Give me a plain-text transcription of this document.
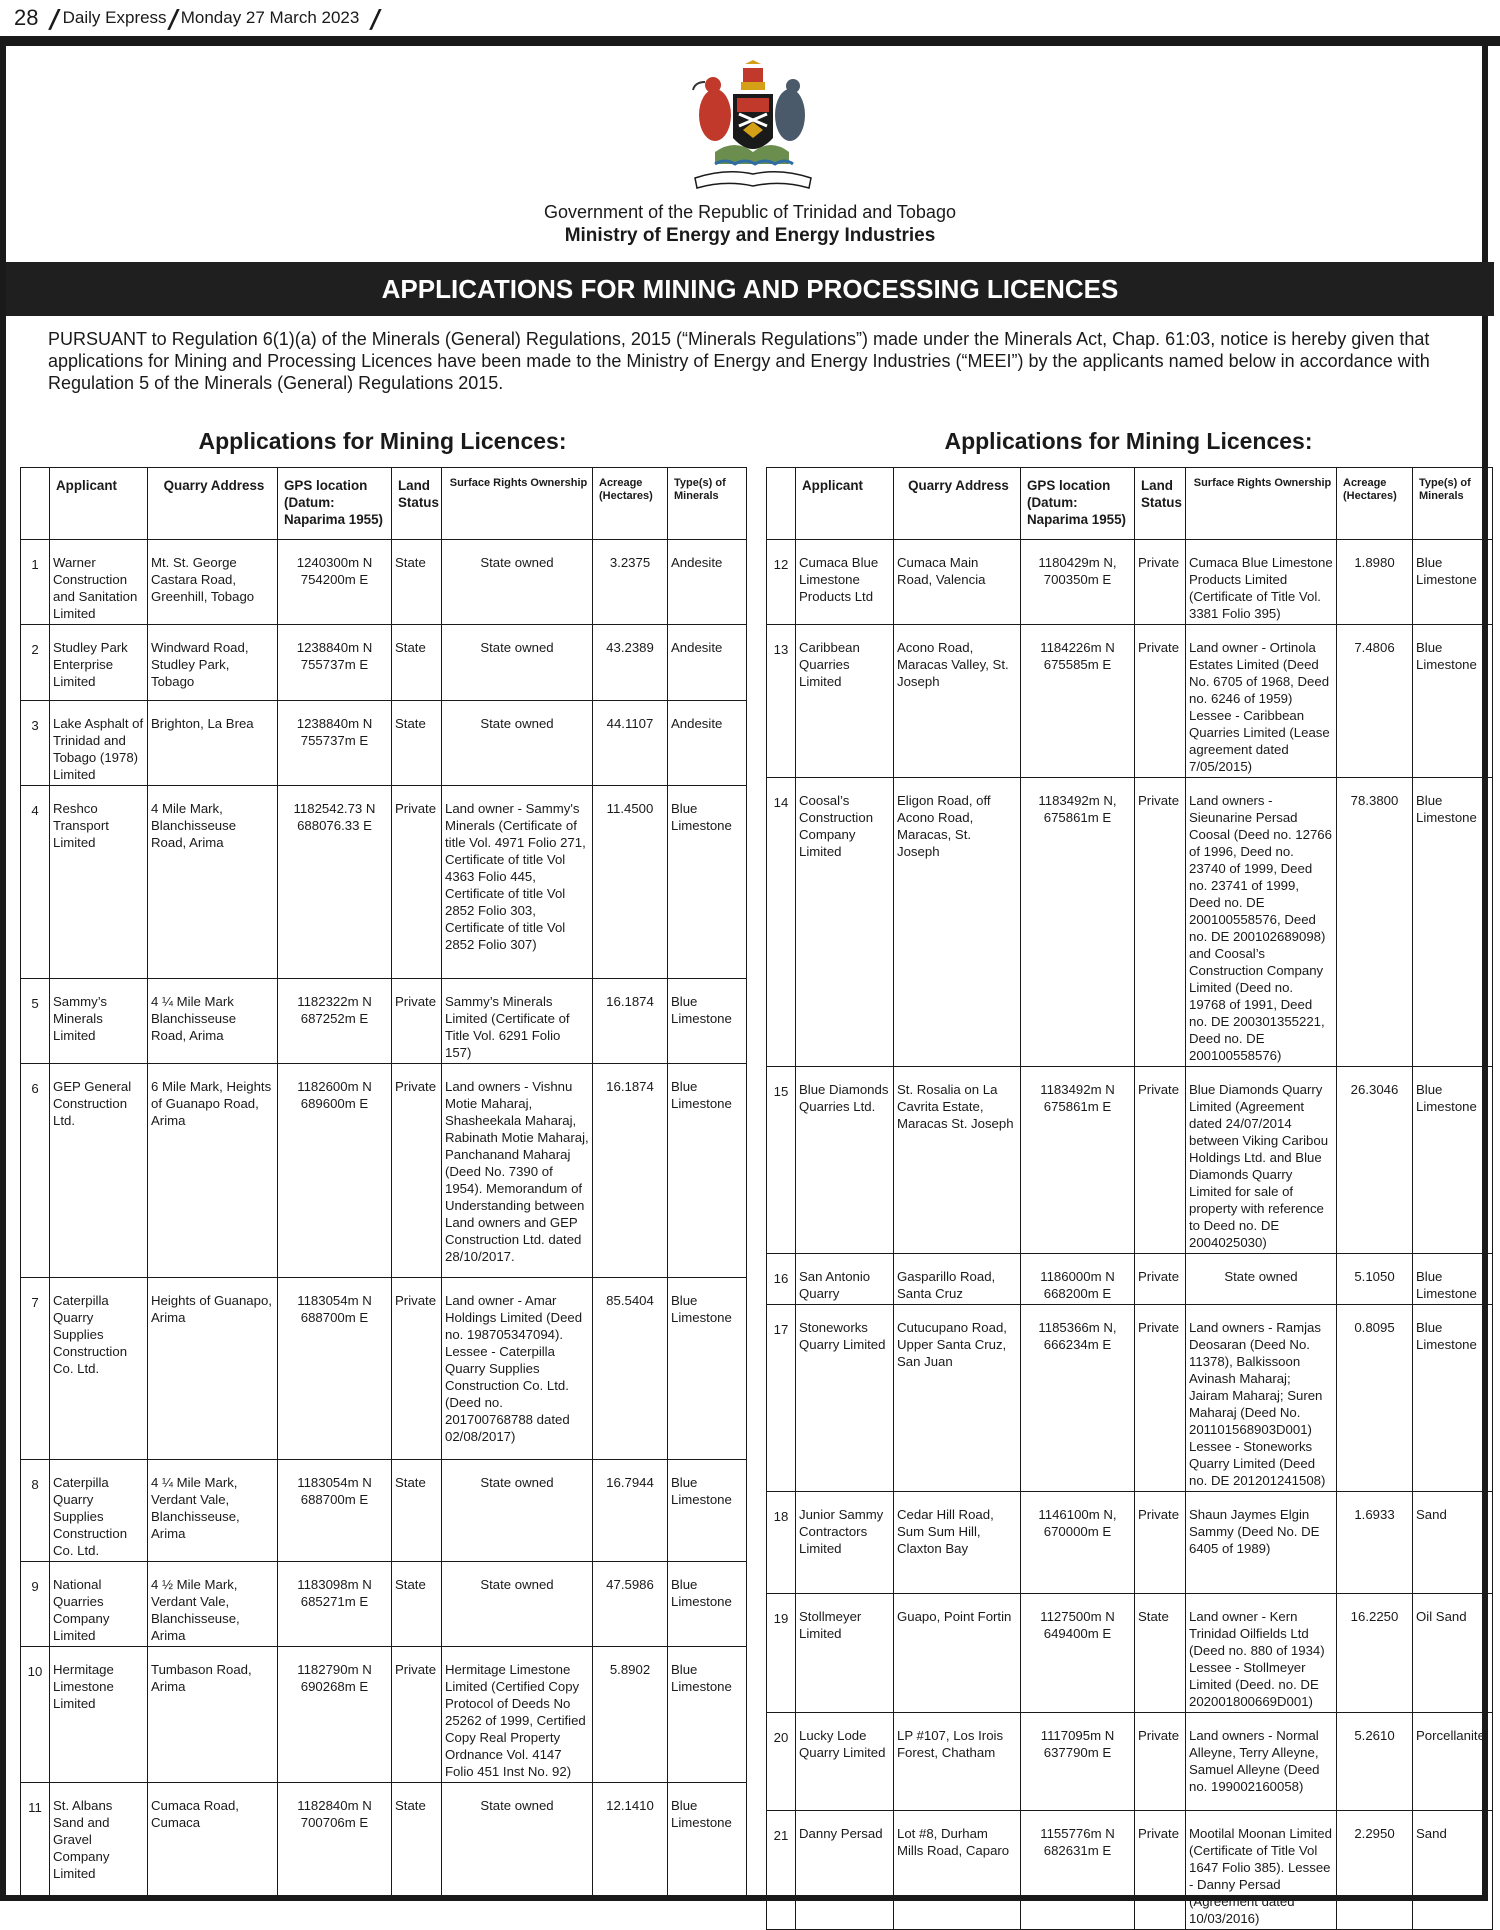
28 |
Daily Express
|
Monday 27 March 2023 |
Government of the Republic of Trinidad and Tobago
Ministry of Energy and Energy Industries
APPLICATIONS FOR MINING AND PROCESSING LICENCES
PURSUANT to Regulation 6(1)(a) of the Minerals (General) Regulations, 2015 (“Minerals Regulations”) made under the Minerals Act, Chap. 61:03, notice is hereby given that applications for Mining and Processing Licences have been made to the Ministry of Energy and Energy Industries (“MEEI”) by the applicants named below in accordance with Regulation 5 of the Minerals (General) Regulations 2015.
Applications for Mining Licences:	Applications for Mining Licences:
	Applicant	Quarry Address	GPS location (Datum: Naparima 1955)	Land Status	Surface Rights Ownership	Acreage (Hectares)	Type(s) of Minerals
1	Warner Construction and Sanitation Limited	Mt. St. George Castara Road, Greenhill, Tobago	1240300m N 754200m E	State	State owned	3.2375	Andesite
2	Studley Park Enterprise Limited	Windward Road, Studley Park, Tobago	1238840m N 755737m E	State	State owned	43.2389	Andesite
3	Lake Asphalt of Trinidad and Tobago (1978) Limited	Brighton, La Brea	1238840m N 755737m E	State	State owned	44.1107	Andesite
4	Reshco Transport Limited	4 Mile Mark, Blanchisseuse Road, Arima	1182542.73 N 688076.33 E	Private	Land owner - Sammy's Minerals (Certificate of title Vol. 4971 Folio 271, Certificate of title Vol 4363 Folio 445, Certificate of title Vol 2852 Folio 303, Certificate of title Vol 2852 Folio 307)	11.4500	Blue Limestone
5	Sammy’s Minerals Limited	4 ¼ Mile Mark Blanchisseuse Road, Arima	1182322m N 687252m E	Private	Sammy’s Minerals Limited (Certificate of Title Vol. 6291 Folio 157)	16.1874	Blue Limestone
6	GEP General Construction Ltd.	6 Mile Mark, Heights of Guanapo Road, Arima	1182600m N 689600m E	Private	Land owners - Vishnu Motie Maharaj, Shasheekala Maharaj, Rabinath Motie Maharaj, Panchanand Maharaj (Deed No. 7390 of 1954). Memorandum of Understanding between Land owners and GEP Construction Ltd. dated 28/10/2017.	16.1874	Blue Limestone
7	Caterpilla Quarry Supplies Construction Co. Ltd.	Heights of Guanapo, Arima	1183054m N 688700m E	Private	Land owner - Amar Holdings Limited (Deed no. 198705347094). Lessee - Caterpilla Quarry Supplies Construction Co. Ltd. (Deed no. 201700768788 dated 02/08/2017)	85.5404	Blue Limestone
8	Caterpilla Quarry Supplies Construction Co. Ltd.	4 ¼ Mile Mark, Verdant Vale, Blanchisseuse, Arima	1183054m N 688700m E	State	State owned	16.7944	Blue Limestone
9	National Quarries Company Limited	4 ½ Mile Mark, Verdant Vale, Blanchisseuse, Arima	1183098m N 685271m E	State	State owned	47.5986	Blue Limestone
10	Hermitage Limestone Limited	Tumbason Road, Arima	1182790m N 690268m E	Private	Hermitage Limestone Limited (Certified Copy Protocol of Deeds No 25262 of 1999, Certified Copy Real Property Ordnance Vol. 4147 Folio 451 Inst No. 92)	5.8902	Blue Limestone
11	St. Albans Sand and Gravel Company Limited	Cumaca Road, Cumaca	1182840m N 700706m E	State	State owned	12.1410	Blue Limestone
	Applicant	Quarry Address	GPS location (Datum: Naparima 1955)	Land Status	Surface Rights Ownership	Acreage (Hectares)	Type(s) of Minerals
12	Cumaca Blue Limestone Products Ltd	Cumaca Main Road, Valencia	1180429m N, 700350m E	Private	Cumaca Blue Limestone Products Limited (Certificate of Title Vol. 3381 Folio 395)	1.8980	Blue Limestone
13	Caribbean Quarries Limited	Acono Road, Maracas Valley, St. Joseph	1184226m N 675585m E	Private	Land owner - Ortinola Estates Limited (Deed No. 6705 of 1968, Deed no. 6246 of 1959) Lessee - Caribbean Quarries Limited (Lease agreement dated 7/05/2015)	7.4806	Blue Limestone
14	Coosal’s Construction Company Limited	Eligon Road, off Acono Road, Maracas, St. Joseph	1183492m N, 675861m E	Private	Land owners - Sieunarine Persad Coosal (Deed no. 12766 of 1996, Deed no. 23740 of 1999, Deed no. 23741 of 1999, Deed no. DE 200100558576, Deed no. DE 200102689098) and Coosal’s Construction Company Limited (Deed no. 19768 of 1991, Deed no. DE 200301355221, Deed no. DE 200100558576)	78.3800	Blue Limestone
15	Blue Diamonds Quarries Ltd.	St. Rosalia on La Cavrita Estate, Maracas St. Joseph	1183492m N 675861m E	Private	Blue Diamonds Quarry Limited (Agreement dated 24/07/2014 between Viking Caribou Holdings Ltd. and Blue Diamonds Quarry Limited for sale of property with reference to Deed no. DE 2004025030)	26.3046	Blue Limestone
16	San Antonio Quarry	Gasparillo Road, Santa Cruz	1186000m N 668200m E	Private	State owned	5.1050	Blue Limestone
17	Stoneworks Quarry Limited	Cutucupano Road, Upper Santa Cruz, San Juan	1185366m N, 666234m E	Private	Land owners - Ramjas Deosaran (Deed No. 11378), Balkissoon Avinash Maharaj; Jairam Maharaj; Suren Maharaj (Deed No. 201101568903D001) Lessee - Stoneworks Quarry Limited (Deed no. DE 201201241508)	0.8095	Blue Limestone
18	Junior Sammy Contractors Limited	Cedar Hill Road, Sum Sum Hill, Claxton Bay	1146100m N, 670000m E	Private	Shaun Jaymes Elgin Sammy (Deed No. DE 6405 of 1989)	1.6933	Sand
19	Stollmeyer Limited	Guapo, Point Fortin	1127500m N 649400m E	State	Land owner - Kern Trinidad Oilfields Ltd (Deed no. 880 of 1934) Lessee - Stollmeyer Limited (Deed. no. DE 202001800669D001)	16.2250	Oil Sand
20	Lucky Lode Quarry Limited	LP #107, Los Irois Forest, Chatham	1117095m N 637790m E	Private	Land owners - Normal Alleyne, Terry Alleyne, Samuel Alleyne (Deed no. 199002160058)	5.2610	Porcellanite
21	Danny Persad	Lot #8, Durham Mills Road, Caparo	1155776m N 682631m E	Private	Mootilal Moonan Limited (Certificate of Title Vol 1647 Folio 385). Lessee - Danny Persad (Agreement dated 10/03/2016)	2.2950	Sand
